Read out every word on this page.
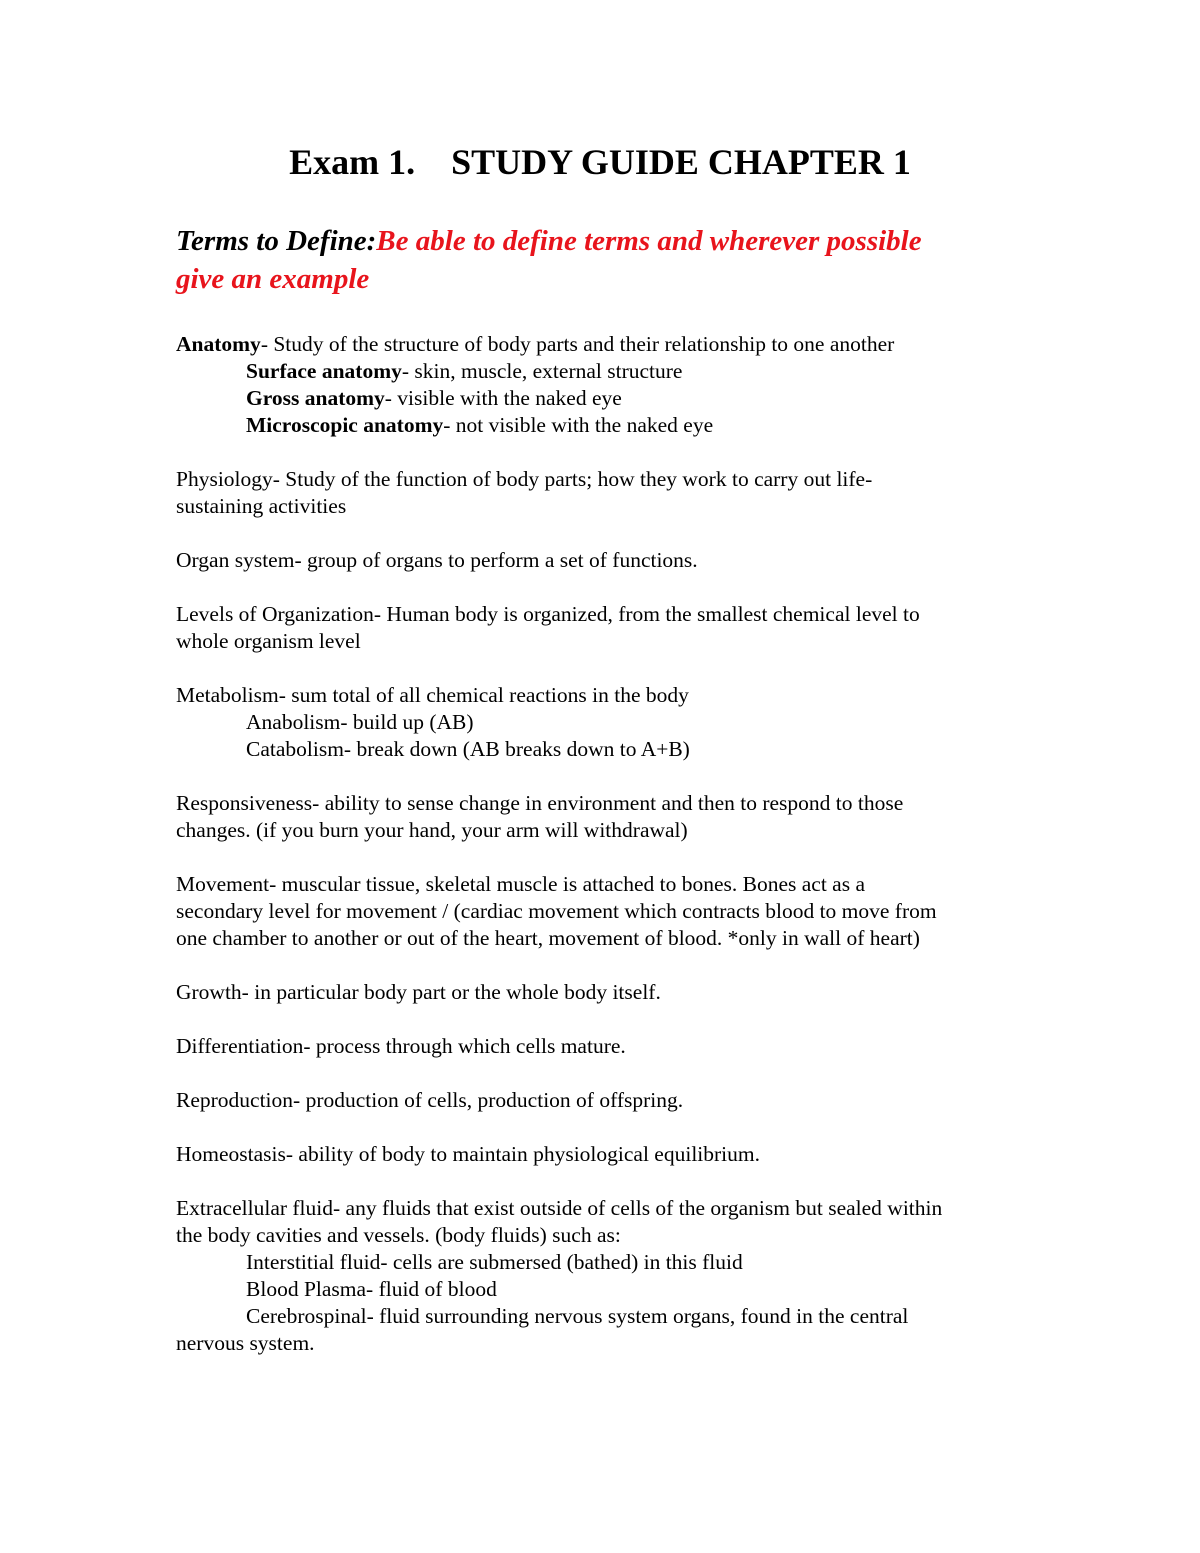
Exam 1.    STUDY GUIDE CHAPTER 1
Terms to Define:Be able to define terms and wherever possible
give an example
Anatomy- Study of the structure of body parts and their relationship to one another
Surface anatomy- skin, muscle, external structure
Gross anatomy- visible with the naked eye
Microscopic anatomy- not visible with the naked eye
Physiology- Study of the function of body parts; how they work to carry out life-
sustaining activities
Organ system- group of organs to perform a set of functions.
Levels of Organization- Human body is organized, from the smallest chemical level to
whole organism level
Metabolism- sum total of all chemical reactions in the body
Anabolism- build up (AB)
Catabolism- break down (AB breaks down to A+B)
Responsiveness- ability to sense change in environment and then to respond to those
changes. (if you burn your hand, your arm will withdrawal)
Movement- muscular tissue, skeletal muscle is attached to bones. Bones act as a
secondary level for movement / (cardiac movement which contracts blood to move from
one chamber to another or out of the heart, movement of blood. *only in wall of heart)
Growth- in particular body part or the whole body itself.
Differentiation- process through which cells mature.
Reproduction- production of cells, production of offspring.
Homeostasis- ability of body to maintain physiological equilibrium.
Extracellular fluid- any fluids that exist outside of cells of the organism but sealed within
the body cavities and vessels. (body fluids) such as:
Interstitial fluid- cells are submersed (bathed) in this fluid
Blood Plasma- fluid of blood
Cerebrospinal- fluid surrounding nervous system organs, found in the central
nervous system.
